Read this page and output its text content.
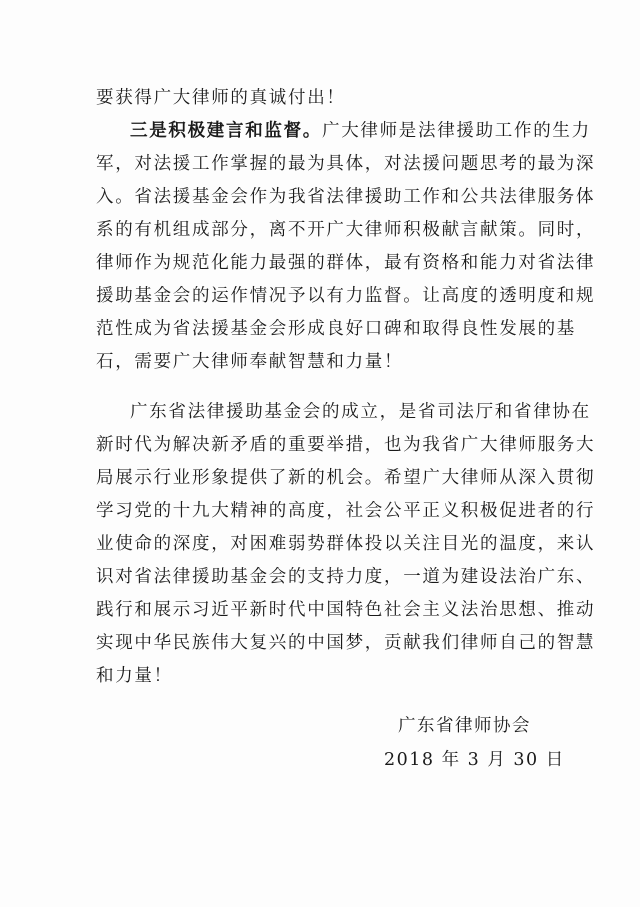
要获得广大律师的真诚付出！
三是积极建言和监督。广大律师是法律援助工作的生力
军，对法援工作掌握的最为具体，对法援问题思考的最为深
入。省法援基金会作为我省法律援助工作和公共法律服务体
系的有机组成部分，离不开广大律师积极献言献策。同时，
律师作为规范化能力最强的群体，最有资格和能力对省法律
援助基金会的运作情况予以有力监督。让高度的透明度和规
范性成为省法援基金会形成良好口碑和取得良性发展的基
石，需要广大律师奉献智慧和力量！
广东省法律援助基金会的成立，是省司法厅和省律协在
新时代为解决新矛盾的重要举措，也为我省广大律师服务大
局展示行业形象提供了新的机会。希望广大律师从深入贯彻
学习党的十九大精神的高度，社会公平正义积极促进者的行
业使命的深度，对困难弱势群体投以关注目光的温度，来认
识对省法律援助基金会的支持力度，一道为建设法治广东、
践行和展示习近平新时代中国特色社会主义法治思想、推动
实现中华民族伟大复兴的中国梦，贡献我们律师自己的智慧
和力量！
广东省律师协会
2018 年 3 月 30 日
